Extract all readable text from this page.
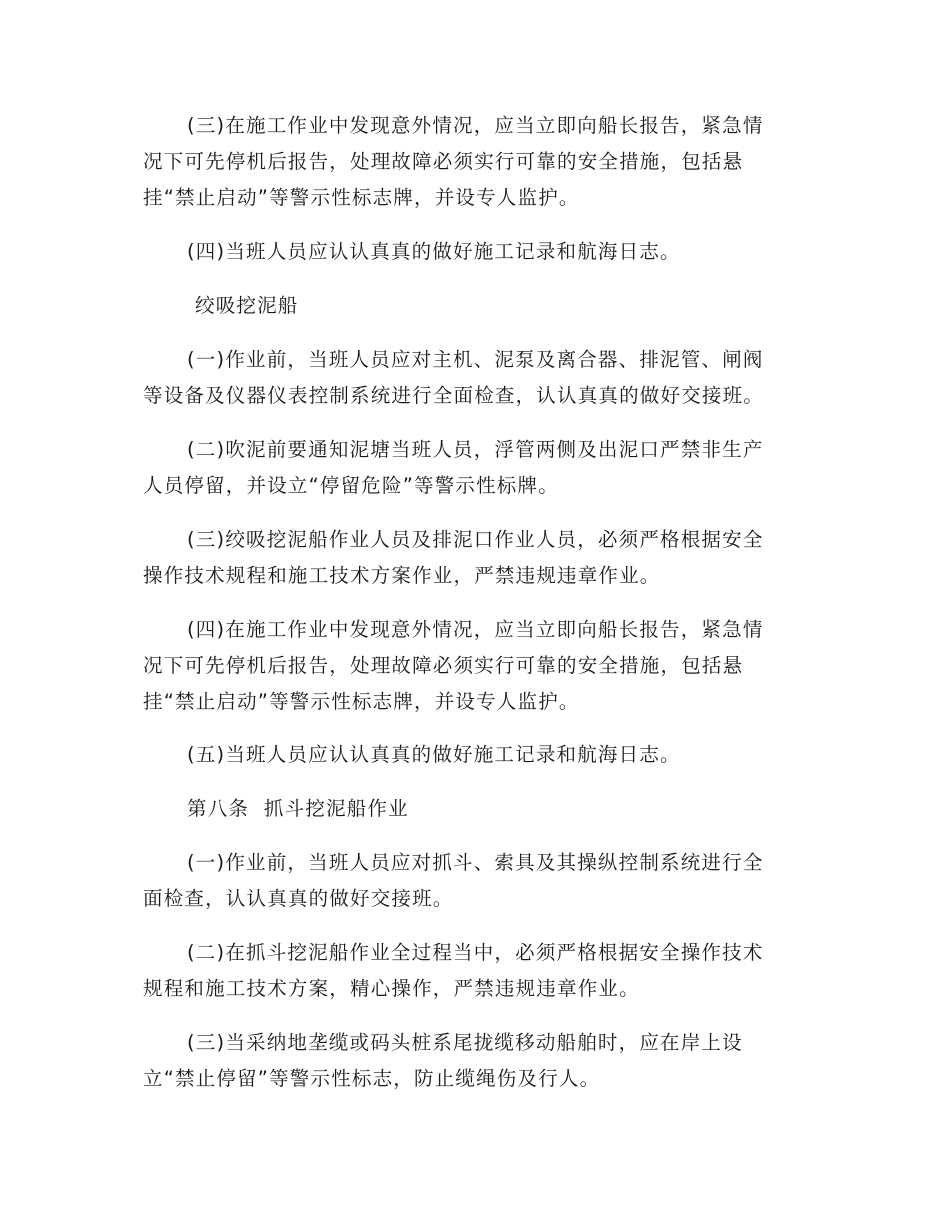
(三)在施工作业中发现意外情况，应当立即向船长报告，紧急情
况下可先停机后报告，处理故障必须实行可靠的安全措施，包括悬
挂“禁止启动”等警示性标志牌，并设专人监护。

(四)当班人员应认认真真的做好施工记录和航海日志。

绞吸挖泥船

(一)作业前，当班人员应对主机、泥泵及离合器、排泥管、闸阀
等设备及仪器仪表控制系统进行全面检查，认认真真的做好交接班。

(二)吹泥前要通知泥塘当班人员，浮管两侧及出泥口严禁非生产
人员停留，并设立“停留危险”等警示性标牌。

(三)绞吸挖泥船作业人员及排泥口作业人员，必须严格根据安全
操作技术规程和施工技术方案作业，严禁违规违章作业。

(四)在施工作业中发现意外情况，应当立即向船长报告，紧急情
况下可先停机后报告，处理故障必须实行可靠的安全措施，包括悬
挂“禁止启动”等警示性标志牌，并设专人监护。

(五)当班人员应认认真真的做好施工记录和航海日志。

第八条  抓斗挖泥船作业

(一)作业前，当班人员应对抓斗、索具及其操纵控制系统进行全
面检查，认认真真的做好交接班。

(二)在抓斗挖泥船作业全过程当中，必须严格根据安全操作技术
规程和施工技术方案，精心操作，严禁违规违章作业。

(三)当采纳地垄缆或码头桩系尾拢缆移动船舶时，应在岸上设
立“禁止停留”等警示性标志，防止缆绳伤及行人。
